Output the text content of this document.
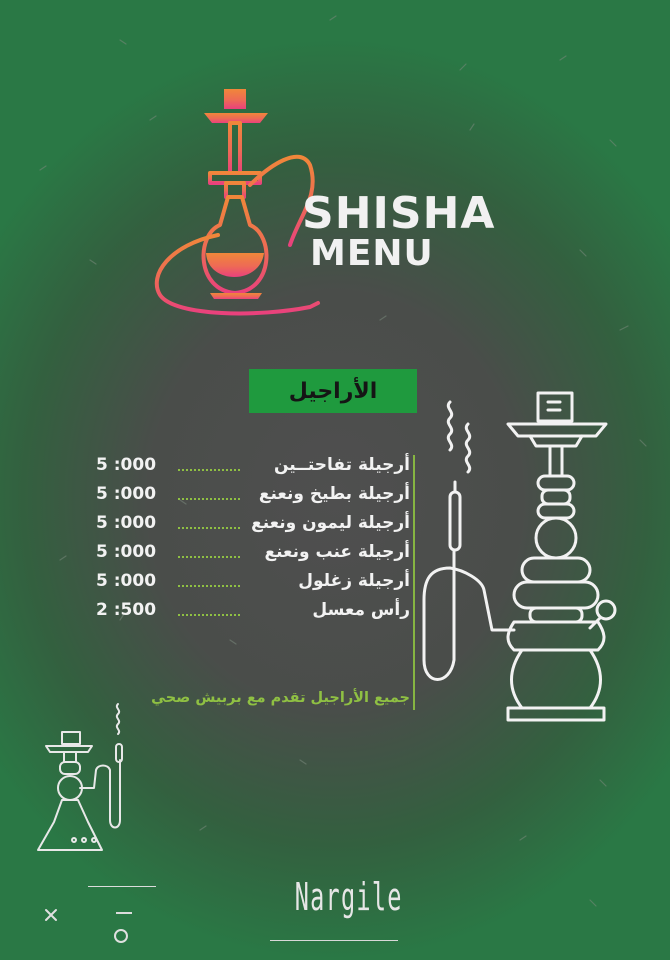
SHISHA
MENU
الأراجيل
أرجيلة تفاحتــين
5 :000
أرجيلة بطيخ ونعنع
5 :000
أرجيلة ليمون ونعنع
5 :000
أرجيلة عنب ونعنع
5 :000
أرجيلة زغلول
5 :000
رأس معسل
2 :500
جميع الأراجيل تقدم مع بربيش صحي
Nargile
